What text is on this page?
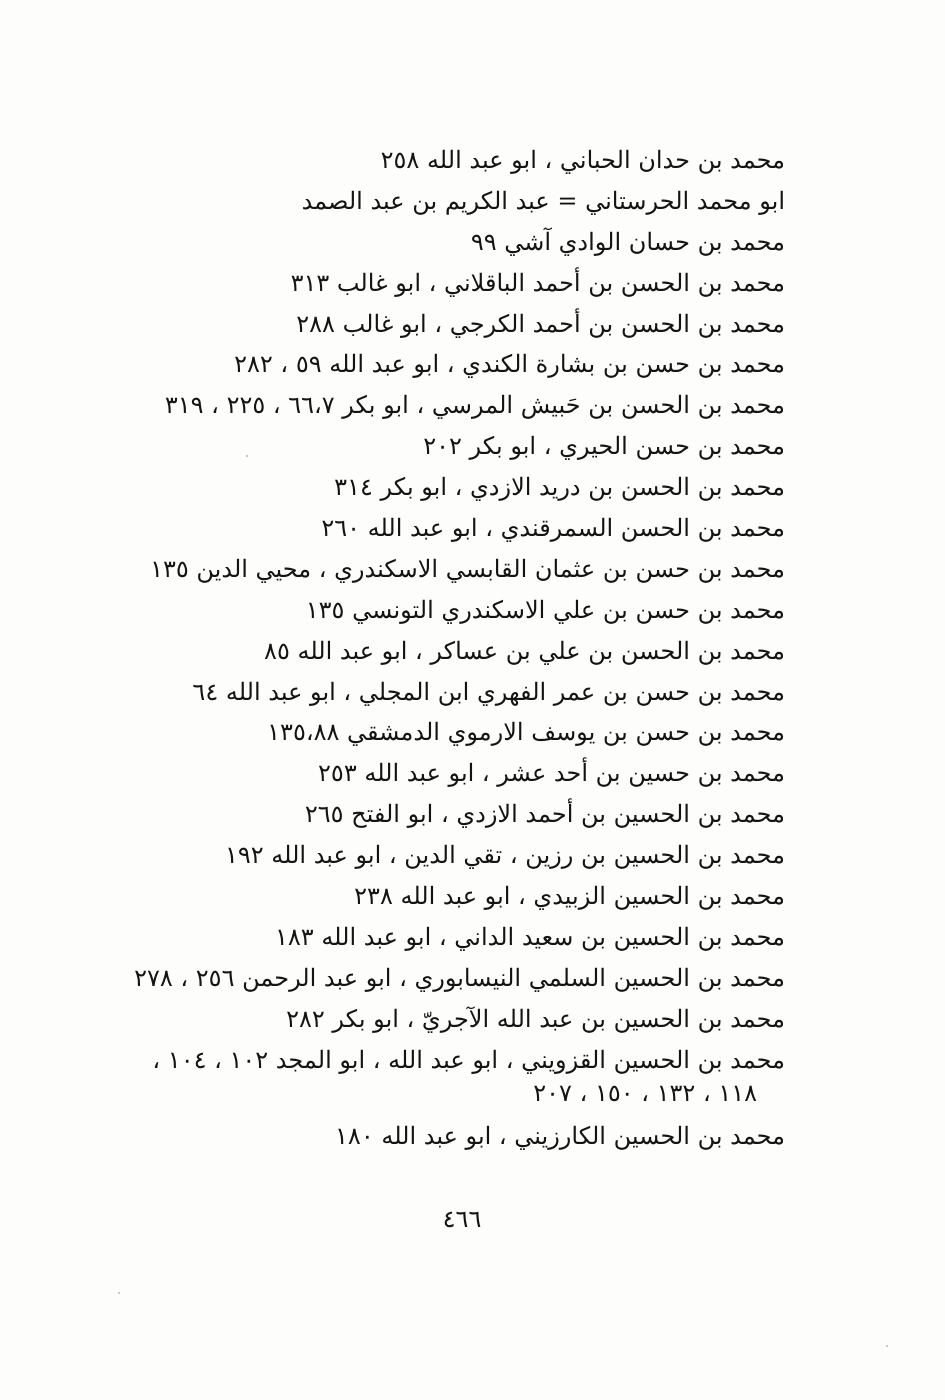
محمد بن حدان الحباني ، ابو عبد الله ٢٥٨
ابو محمد الحرستاني = عبد الكريم بن عبد الصمد
محمد بن حسان الوادي آشي ٩٩
محمد بن الحسن بن أحمد الباقلاني ، ابو غالب ٣١٣
محمد بن الحسن بن أحمد الكرجي ، ابو غالب ٢٨٨
محمد بن حسن بن بشارة الكندي ، ابو عبد الله ٥٩ ، ٢٨٢
محمد بن الحسن بن حَبيش المرسي ، ابو بكر ٦٦،٧ ، ٢٢٥ ، ٣١٩
محمد بن حسن الحيري ، ابو بكر ٢٠٢
محمد بن الحسن بن دريد الازدي ، ابو بكر ٣١٤
محمد بن الحسن السمرقندي ، ابو عبد الله ٢٦٠
محمد بن حسن بن عثمان القابسي الاسكندري ، محيي الدين ١٣٥
محمد بن حسن بن علي الاسكندري التونسي ١٣٥
محمد بن الحسن بن علي بن عساكر ، ابو عبد الله ٨٥
محمد بن حسن بن عمر الفهري ابن المجلي ، ابو عبد الله ٦٤
محمد بن حسن بن يوسف الارموي الدمشقي ١٣٥،٨٨
محمد بن حسين بن أحد عشر ، ابو عبد الله ٢٥٣
محمد بن الحسين بن أحمد الازدي ، ابو الفتح ٢٦٥
محمد بن الحسين بن رزين ، تقي الدين ، ابو عبد الله ١٩٢
محمد بن الحسين الزبيدي ، ابو عبد الله ٢٣٨
محمد بن الحسين بن سعيد الداني ، ابو عبد الله ١٨٣
محمد بن الحسين السلمي النيسابوري ، ابو عبد الرحمن ٢٥٦ ، ٢٧٨
محمد بن الحسين بن عبد الله الآجريّ ، ابو بكر ٢٨٢
محمد بن الحسين القزويني ، ابو عبد الله ، ابو المجد ١٠٢ ، ١٠٤ ،
١١٨ ، ١٣٢ ، ١٥٠ ، ٢٠٧
محمد بن الحسين الكارزيني ، ابو عبد الله ١٨٠
٤٦٦
